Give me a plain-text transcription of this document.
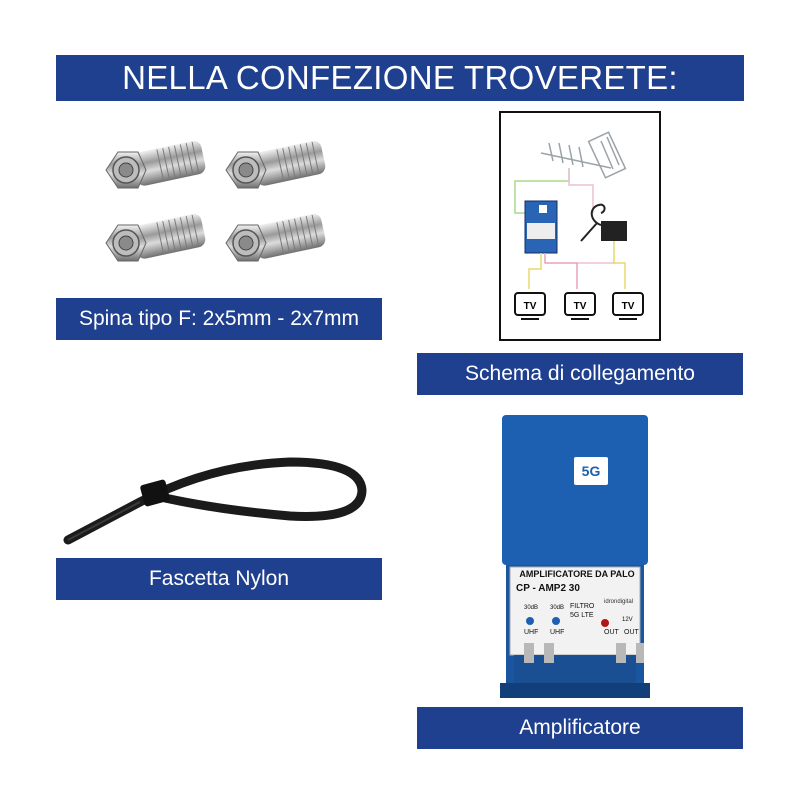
NELLA CONFEZIONE TROVERETE:
Spina tipo F: 2x5mm - 2x7mm
TV	TV	TV
Schema di collegamento
Fascetta Nylon
5G
AMPLIFICATORE DA PALO
CP - AMP2 30
idrondigital
30dB 30dB
UHF UHF
FILTRO
5G LTE
12V
OUT OUT
Amplificatore
